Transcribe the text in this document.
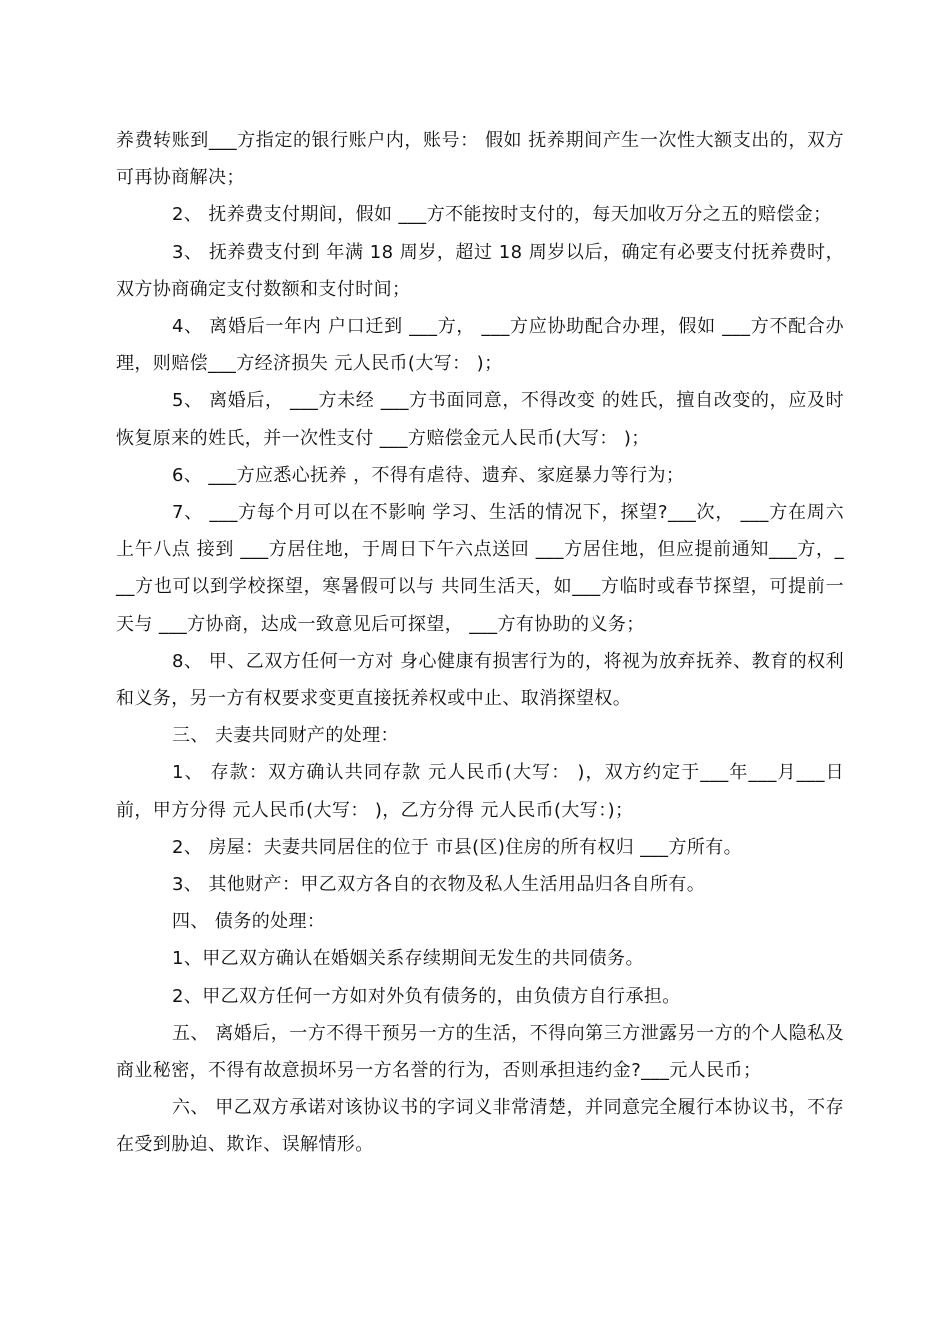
养费转账到___方指定的银行账户内，账号： 假如 抚养期间产生一次性大额支出的，双方可再协商解决；

2、 抚养费支付期间，假如 ___方不能按时支付的，每天加收万分之五的赔偿金；

3、 抚养费支付到 年满 18 周岁，超过 18 周岁以后，确定有必要支付抚养费时，双方协商确定支付数额和支付时间；

4、 离婚后一年内 户口迁到 ___方， ___方应协助配合办理，假如 ___方不配合办理，则赔偿___方经济损失 元人民币(大写： )；

5、 离婚后， ___方未经 ___方书面同意，不得改变 的姓氏，擅自改变的，应及时恢复原来的姓氏，并一次性支付 ___方赔偿金元人民币(大写： )；

6、 ___方应悉心抚养 ，不得有虐待、遗弃、家庭暴力等行为；

7、 ___方每个月可以在不影响 学习、生活的情况下，探望?___次， ___方在周六上午八点 接到 ___方居住地，于周日下午六点送回 ___方居住地，但应提前通知___方，___方也可以到学校探望，寒暑假可以与 共同生活天，如___方临时或春节探望，可提前一天与 ___方协商，达成一致意见后可探望， ___方有协助的义务；

8、 甲、乙双方任何一方对 身心健康有损害行为的，将视为放弃抚养、教育的权利和义务，另一方有权要求变更直接抚养权或中止、取消探望权。

三、 夫妻共同财产的处理：

1、 存款：双方确认共同存款 元人民币(大写： )，双方约定于___年___月___日前，甲方分得 元人民币(大写： )，乙方分得 元人民币(大写：)；

2、 房屋：夫妻共同居住的位于 市县(区)住房的所有权归 ___方所有。

3、 其他财产：甲乙双方各自的衣物及私人生活用品归各自所有。

四、 债务的处理：

1、甲乙双方确认在婚姻关系存续期间无发生的共同债务。

2、甲乙双方任何一方如对外负有债务的，由负债方自行承担。

五、 离婚后，一方不得干预另一方的生活，不得向第三方泄露另一方的个人隐私及商业秘密，不得有故意损坏另一方名誉的行为，否则承担违约金?___元人民币；

六、 甲乙双方承诺对该协议书的字词义非常清楚，并同意完全履行本协议书，不存在受到胁迫、欺诈、误解情形。
